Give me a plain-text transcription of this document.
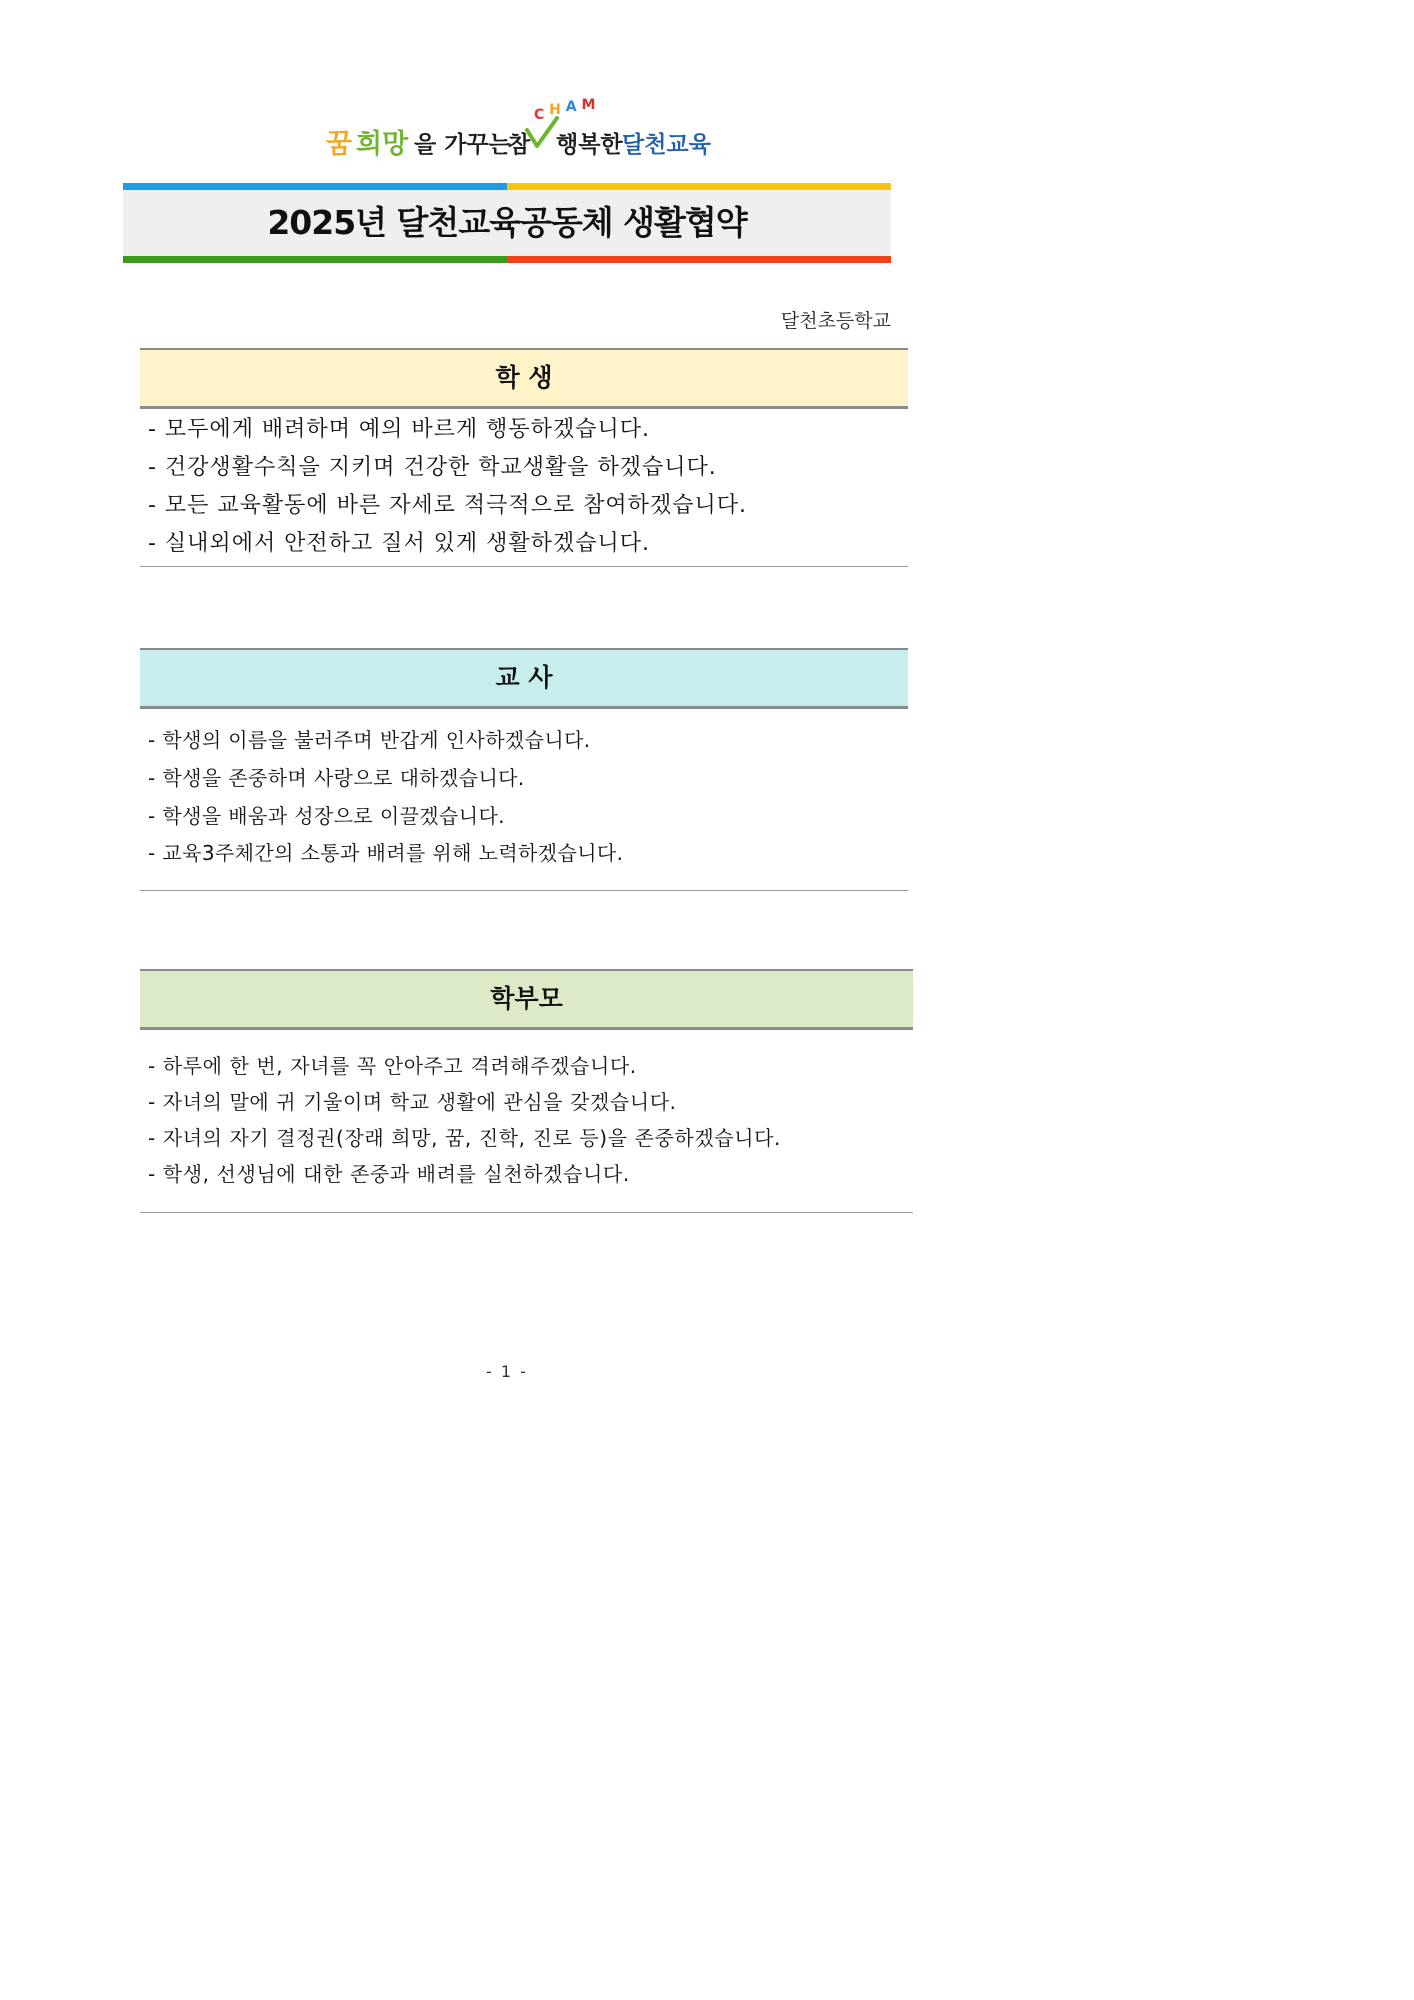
꿈 희망 을 가꾸는
참
C H A M
행복한 달천교육
2025년 달천교육공동체 생활협약
달천초등학교
학 생
- 모두에게 배려하며 예의 바르게 행동하겠습니다.
- 건강생활수칙을 지키며 건강한 학교생활을 하겠습니다.
- 모든 교육활동에 바른 자세로 적극적으로 참여하겠습니다.
- 실내외에서 안전하고 질서 있게 생활하겠습니다.
교 사
- 학생의 이름을 불러주며 반갑게 인사하겠습니다.
- 학생을 존중하며 사랑으로 대하겠습니다.
- 학생을 배움과 성장으로 이끌겠습니다.
- 교육3주체간의 소통과 배려를 위해 노력하겠습니다.
학부모
- 하루에 한 번, 자녀를 꼭 안아주고 격려해주겠습니다.
- 자녀의 말에 귀 기울이며 학교 생활에 관심을 갖겠습니다.
- 자녀의 자기 결정권(장래 희망, 꿈, 진학, 진로 등)을 존중하겠습니다.
- 학생, 선생님에 대한 존중과 배려를 실천하겠습니다.
- 1 -
